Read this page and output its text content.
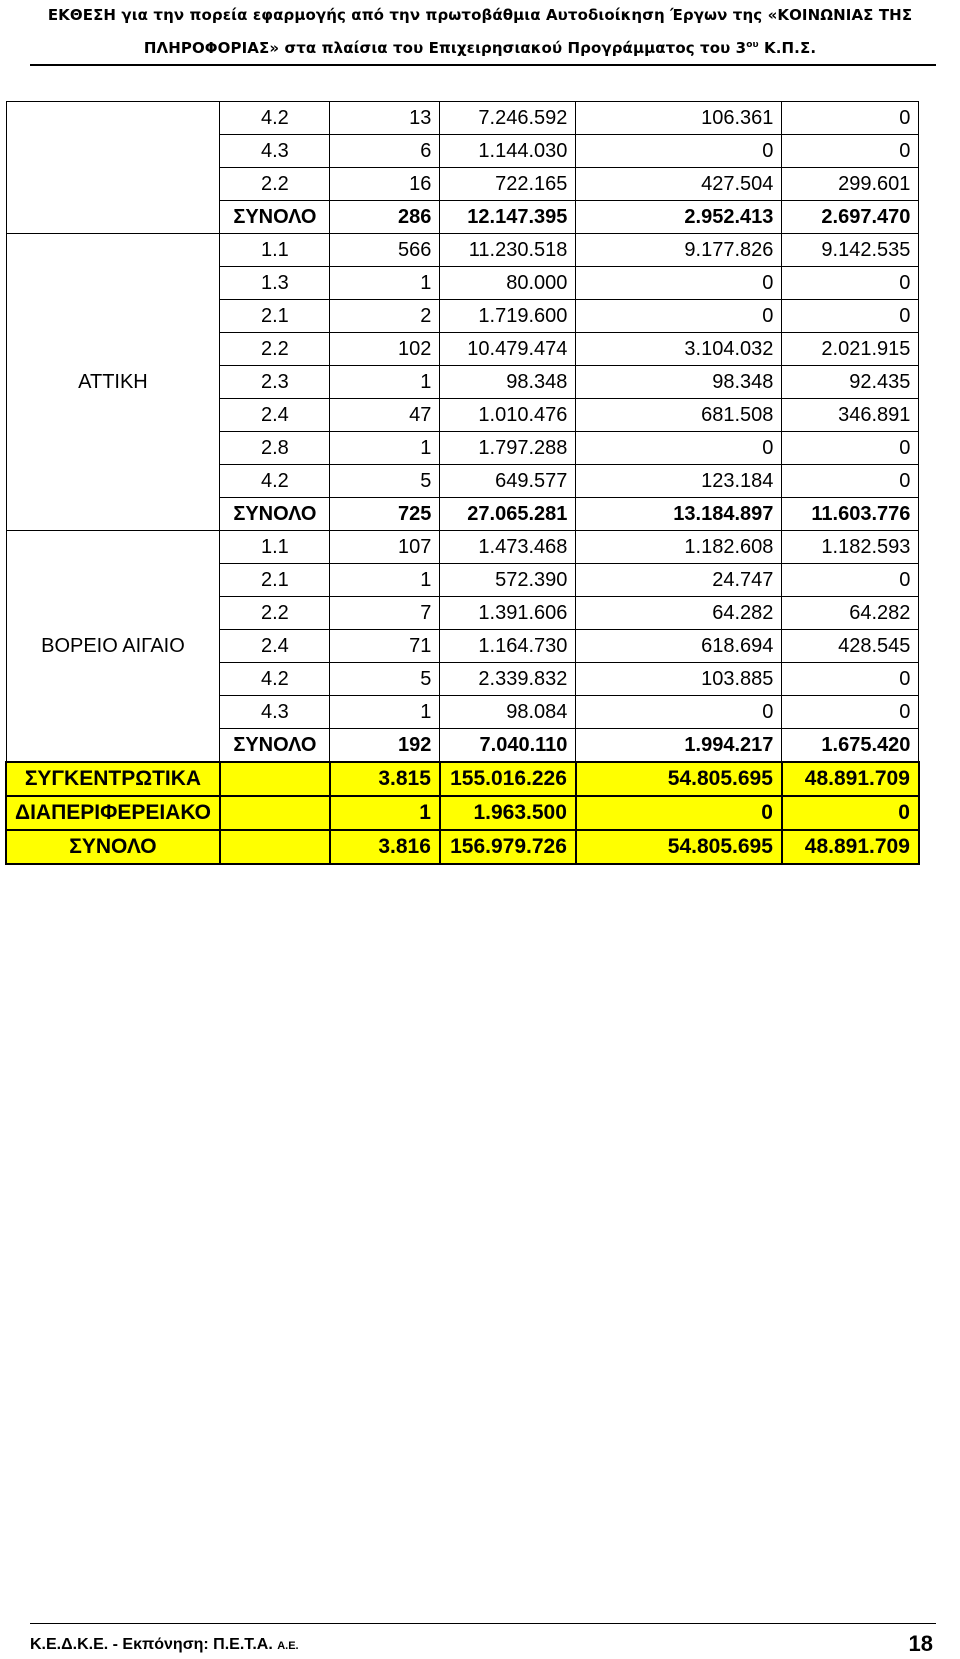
ΕΚΘΕΣΗ για την πορεία εφαρμογής από την πρωτοβάθμια Αυτοδιοίκηση Έργων της «ΚΟΙΝΩΝΙΑΣ ΤΗΣ
ΠΛΗΡΟΦΟΡΙΑΣ» στα πλαίσια του Επιχειρησιακού Προγράμματος του $3^{o\upsilon}$ Κ.Π.Σ.
	4.2	13	7.246.592	106.361	0
	4.3	6	1.144.030	0	0
	2.2	16	722.165	427.504	299.601
	ΣΥΝΟΛΟ	286	12.147.395	2.952.413	2.697.470
ΑΤΤΙΚΗ	1.1	566	11.230.518	9.177.826	9.142.535
	1.3	1	80.000	0	0
	2.1	2	1.719.600	0	0
	2.2	102	10.479.474	3.104.032	2.021.915
	2.3	1	98.348	98.348	92.435
	2.4	47	1.010.476	681.508	346.891
	2.8	1	1.797.288	0	0
	4.2	5	649.577	123.184	0
	ΣΥΝΟΛΟ	725	27.065.281	13.184.897	11.603.776
ΒΟΡΕΙΟ ΑΙΓΑΙΟ	1.1	107	1.473.468	1.182.608	1.182.593
	2.1	1	572.390	24.747	0
	2.2	7	1.391.606	64.282	64.282
	2.4	71	1.164.730	618.694	428.545
	4.2	5	2.339.832	103.885	0
	4.3	1	98.084	0	0
	ΣΥΝΟΛΟ	192	7.040.110	1.994.217	1.675.420
ΣΥΓΚΕΝΤΡΩΤΙΚΑ		3.815	155.016.226	54.805.695	48.891.709
ΔΙΑΠΕΡΙΦΕΡΕΙΑΚΟ		1	1.963.500	0	0
ΣΥΝΟΛΟ		3.816	156.979.726	54.805.695	48.891.709
Κ.Ε.Δ.Κ.Ε. - Εκπόνηση: Π.Ε.Τ.Α. Α.Ε.	18
